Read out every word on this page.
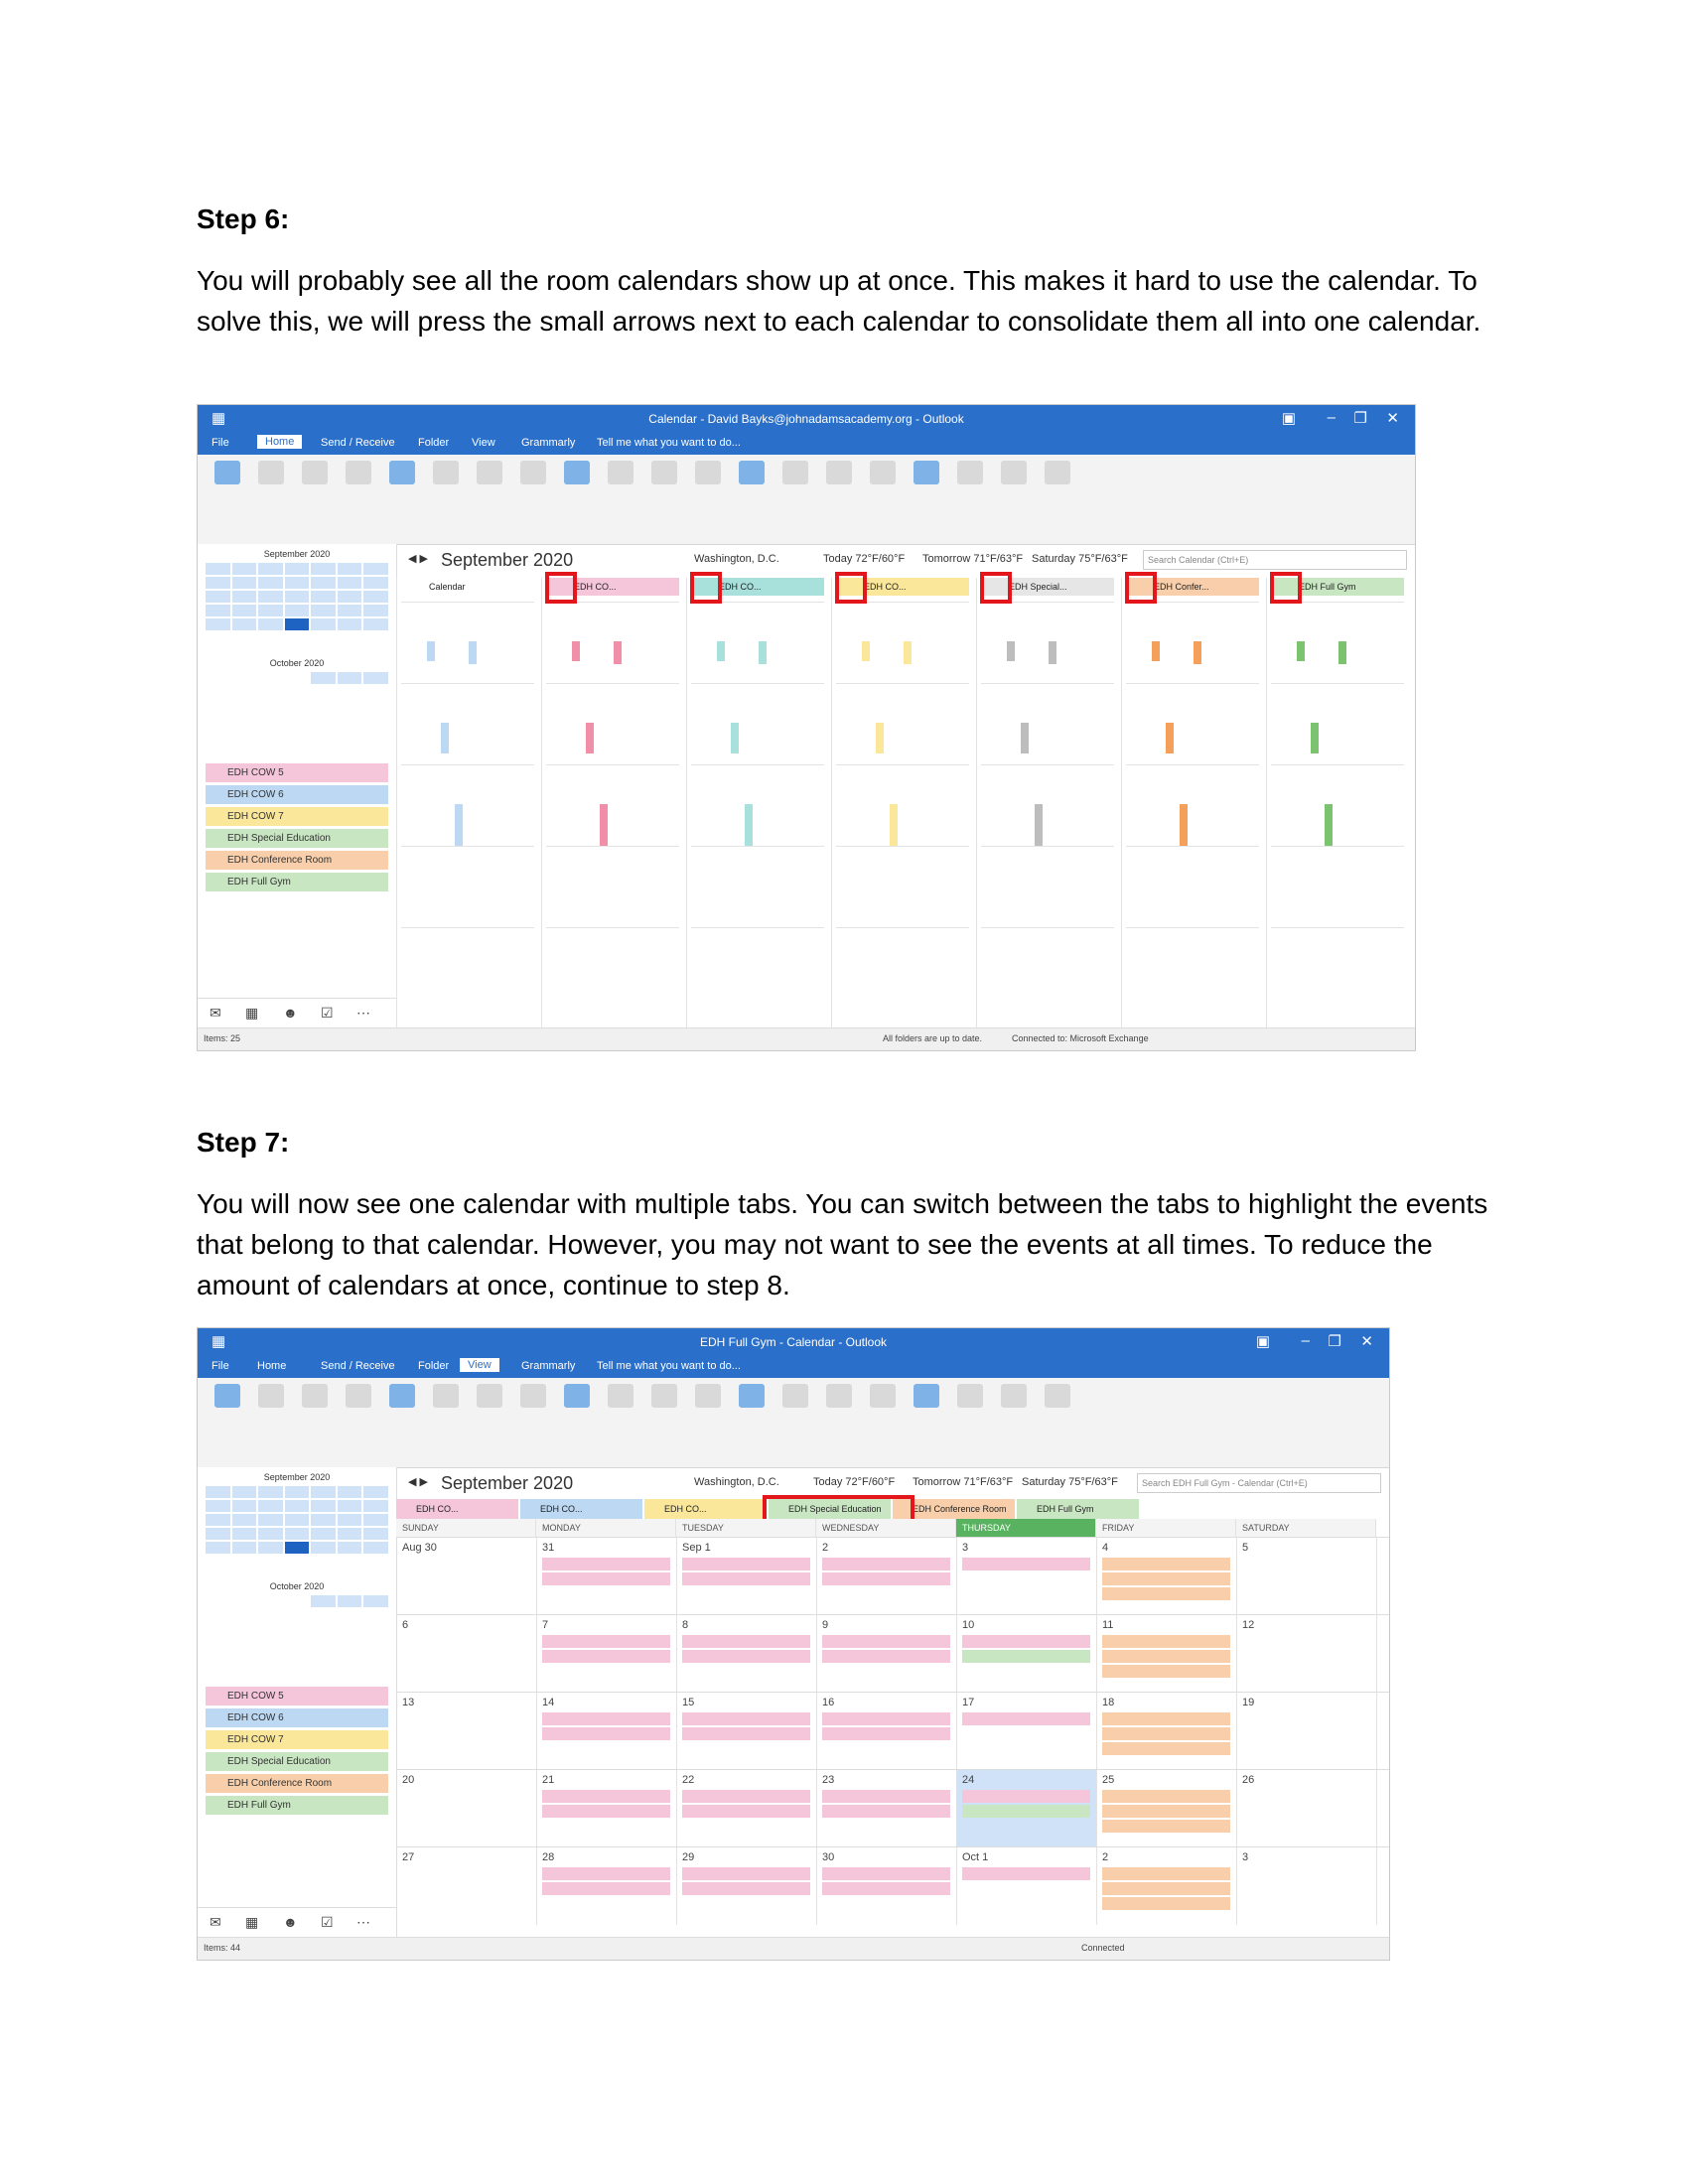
Step 6:
You will probably see all the room calendars show up at once. This makes it hard to use the calendar. To solve this, we will press the small arrows next to each calendar to consolidate them all into one calendar.
▦	Calendar - David Bayks@johnadamsacademy.org - Outlook	▣ – ❐ ✕
File	Home	Send / Receive Folder View Grammarly Tell me what you want to do...
September 2020
October 2020
EDH COW 5
EDH COW 6
EDH COW 7
EDH Special Education
EDH Conference Room
EDH Full Gym
✉ ▦ ☻ ☑ ⋯
◀ ▶ September 2020	Washington, D.C.	Today 72°F/60°F Tomorrow 71°F/63°F Saturday 75°F/63°F	Search Calendar (Ctrl+E)
Calendar	EDH CO...	EDH CO...	EDH CO...	EDH Special...	EDH Confer...	EDH Full Gym
Items: 25	All folders are up to date.	Connected to: Microsoft Exchange
Step 7:
You will now see one calendar with multiple tabs. You can switch between the tabs to highlight the events that belong to that calendar. However, you may not want to see the events at all times. To reduce the amount of calendars at once, continue to step 8.
▦	EDH Full Gym - Calendar - Outlook	▣ – ❐ ✕
File	Home	Send / Receive Folder	View	Grammarly Tell me what you want to do...
September 2020
October 2020
EDH COW 5
EDH COW 6
EDH COW 7
EDH Special Education
EDH Conference Room
EDH Full Gym
✉ ▦ ☻ ☑ ⋯
◀ ▶ September 2020	Washington, D.C.	Today 72°F/60°F Tomorrow 71°F/63°F Saturday 75°F/63°F	Search EDH Full Gym - Calendar (Ctrl+E)
EDH CO...	EDH CO...	EDH CO...	EDH Special Education	EDH Conference Room	EDH Full Gym
SUNDAY	MONDAY	TUESDAY	WEDNESDAY	THURSDAY	FRIDAY	SATURDAY
Aug 30	31	Sep 1	2	3	4	5
6	7	8	9	10	11	12
13	14	15	16	17	18	19
20	21	22	23	24	25	26
27	28	29	30	Oct 1	2	3
Items: 44	Connected
